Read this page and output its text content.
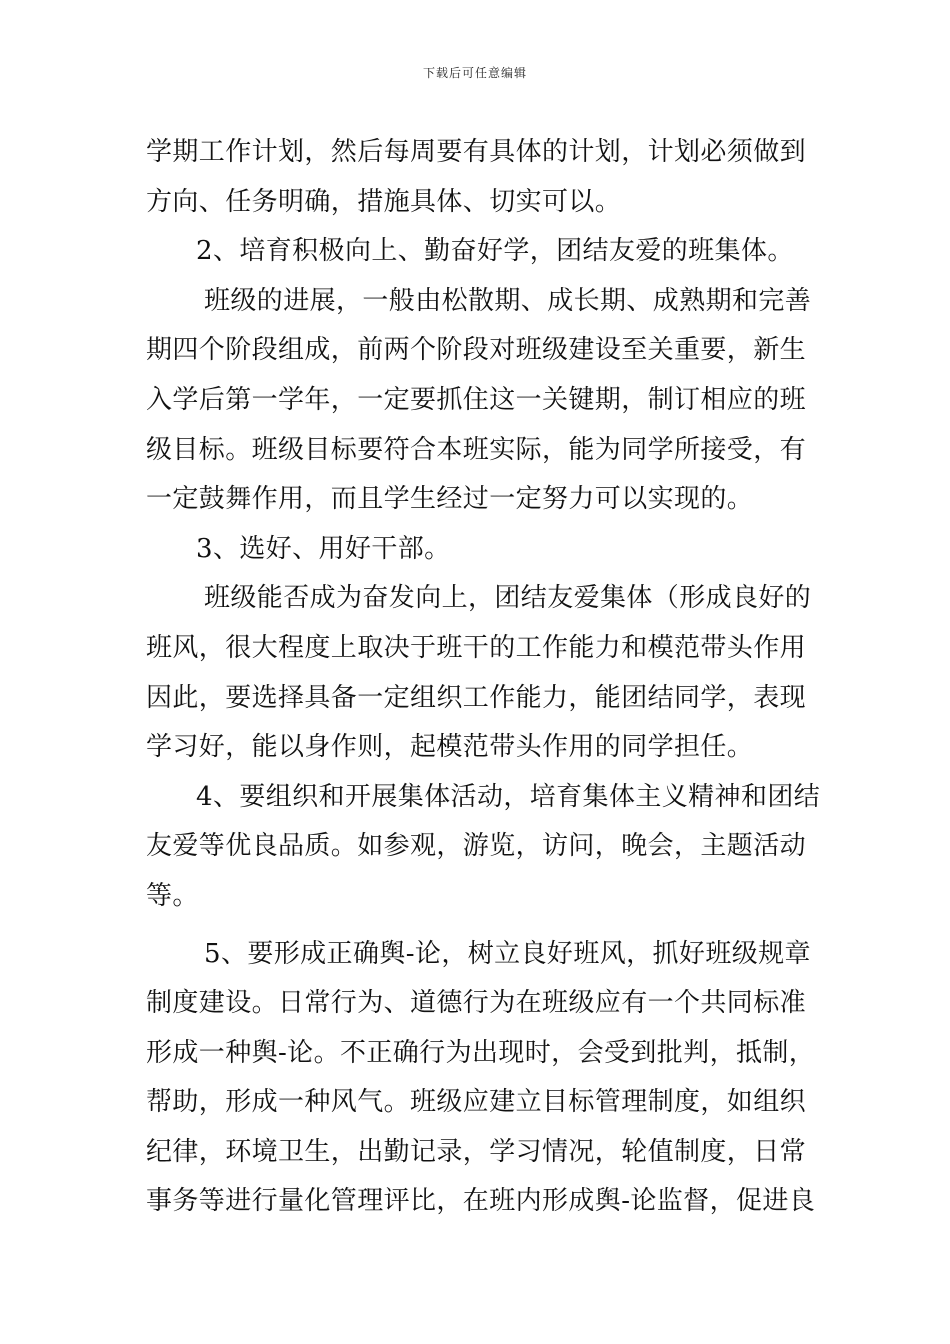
下载后可任意编辑
学期工作计划，然后每周要有具体的计划，计划必须做到
方向、任务明确，措施具体、切实可以。
2、培育积极向上、勤奋好学，团结友爱的班集体。
班级的进展，一般由松散期、成长期、成熟期和完善
期四个阶段组成，前两个阶段对班级建设至关重要，新生
入学后第一学年，一定要抓住这一关键期，制订相应的班
级目标。班级目标要符合本班实际，能为同学所接受，有
一定鼓舞作用，而且学生经过一定努力可以实现的。
3、选好、用好干部。
班级能否成为奋发向上，团结友爱集体（形成良好的
班风，很大程度上取决于班干的工作能力和模范带头作用
因此，要选择具备一定组织工作能力，能团结同学，表现
学习好，能以身作则，起模范带头作用的同学担任。
4、要组织和开展集体活动，培育集体主义精神和团结
友爱等优良品质。如参观，游览，访问，晚会，主题活动
等。
5、要形成正确舆-论，树立良好班风，抓好班级规章
制度建设。日常行为、道德行为在班级应有一个共同标准
形成一种舆-论。不正确行为出现时，会受到批判，抵制，
帮助，形成一种风气。班级应建立目标管理制度，如组织
纪律，环境卫生，出勤记录，学习情况，轮值制度，日常
事务等进行量化管理评比，在班内形成舆-论监督，促进良
